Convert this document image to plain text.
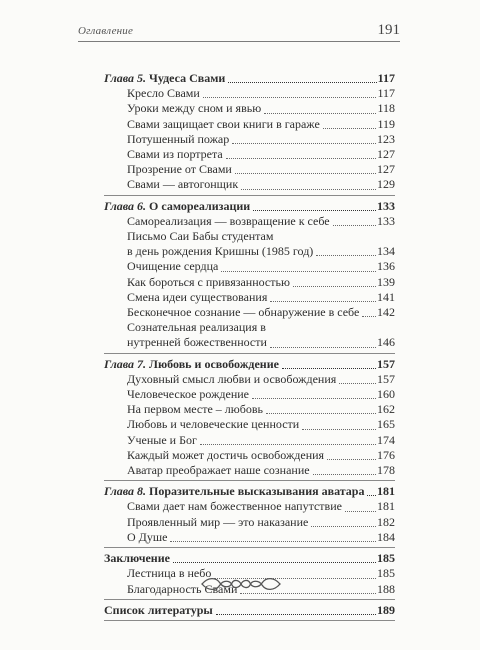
Оглавление	191
Глава 5. Чудеса Свами	117
Кресло Свами	117
Уроки между сном и явью	118
Свами защищает свои книги в гараже	119
Потушенный пожар	123
Свами из портрета	127
Прозрение от Свами	127
Свами — автогонщик	129
Глава 6. О самореализации	133
Самореализация — возвращение к себе	133
Письмо Саи Бабы студентам
в день рождения Кришны (1985 год)	134
Очищение сердца	136
Как бороться с привязанностью	139
Смена идеи существования	141
Бесконечное сознание — обнаружение в себе 142
Сознательная реализация в
нутренней божественности	146
Глава 7. Любовь и освобождение	157
Духовный смысл любви и освобождения	157
Человеческое рождение	160
На первом месте – любовь	162
Любовь и человеческие ценности	165
Ученые и Бог	174
Каждый может достичь освобождения	176
Аватар преображает наше сознание	178
Глава 8. Поразительные высказывания аватара 181
Свами дает нам божественное напутствие	181
Проявленный мир — это наказание	182
О Душе	184
Заключение	185
Лестница в небо	185
Благодарность Свами	188
Список литературы	189
